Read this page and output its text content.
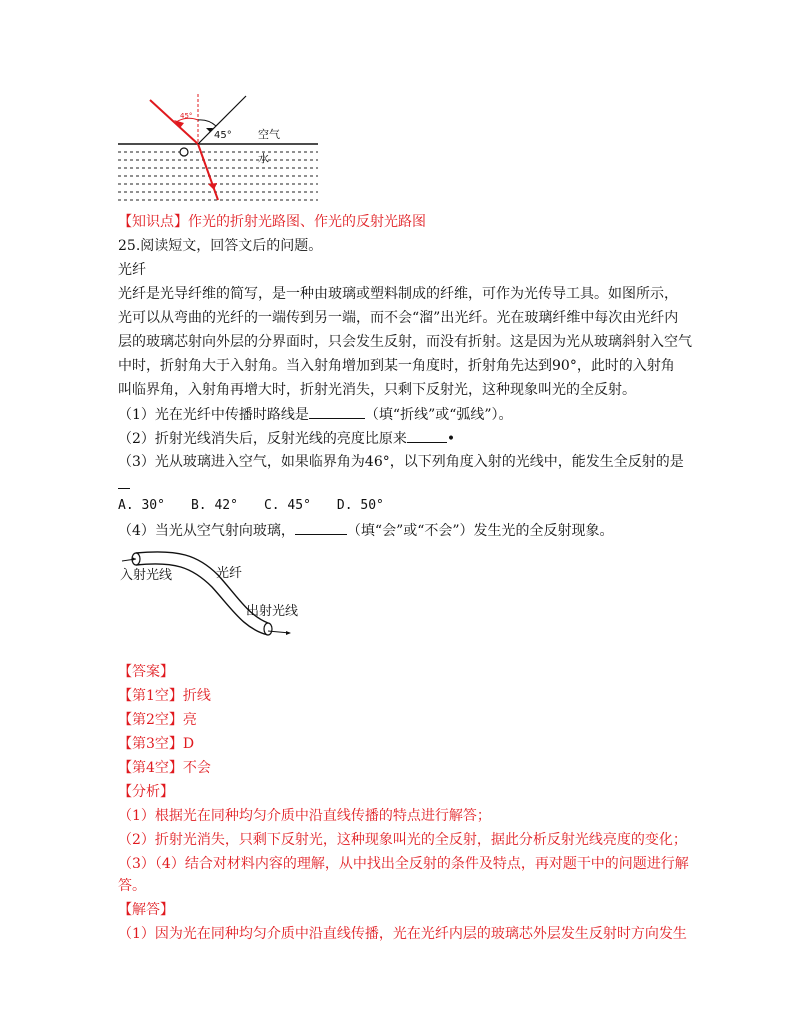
45°
45° 空气
水
【知识点】作光的折射光路图、作光的反射光路图
25.阅读短文，回答文后的问题。
光纤
光纤是光导纤维的简写，是一种由玻璃或塑料制成的纤维，可作为光传导工具。如图所示，
光可以从弯曲的光纤的一端传到另一端，而不会“溜”出光纤。光在玻璃纤维中每次由光纤内
层的玻璃芯射向外层的分界面时，只会发生反射，而没有折射。这是因为光从玻璃斜射入空气
中时，折射角大于入射角。当入射角增加到某一角度时，折射角先达到90°，此时的入射角
叫临界角，入射角再增大时，折射光消失，只剩下反射光，这种现象叫光的全反射。
（1）光在光纤中传播时路线是	（填“折线”或“弧线”）。
（2）折射光线消失后，反射光线的亮度比原来	•
（3）光从玻璃进入空气，如果临界角为46°，以下列角度入射的光线中，能发生全反射的是
A. 30° B. 42° C. 45° D. 50°
（4）当光从空气射向玻璃，	（填“会”或“不会”）发生光的全反射现象。
入射光线	光纤
出射光线
【答案】
【第1空】折线
【第2空】亮
【第3空】D
【第4空】不会
【分析】
（1）根据光在同种均匀介质中沿直线传播的特点进行解答；
（2）折射光消失，只剩下反射光，这种现象叫光的全反射，据此分析反射光线亮度的变化；
（3）（4）结合对材料内容的理解，从中找出全反射的条件及特点，再对题干中的问题进行解
答。
【解答】
（1）因为光在同种均匀介质中沿直线传播，光在光纤内层的玻璃芯外层发生反射时方向发生
